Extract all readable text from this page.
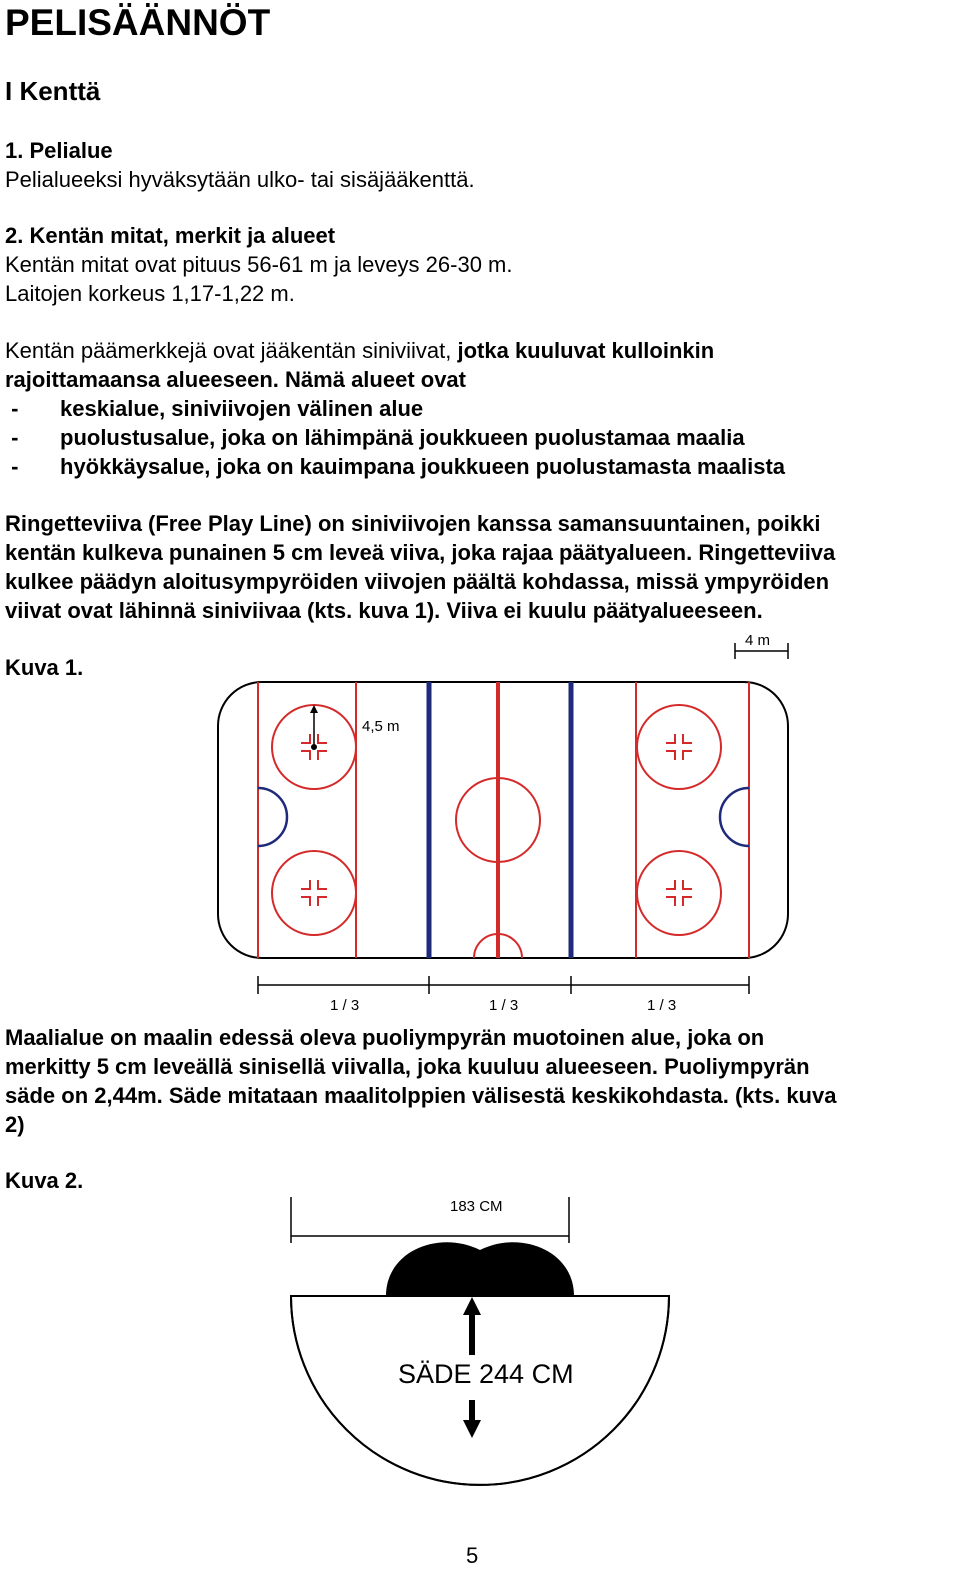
PELISÄÄNNÖT
I Kenttä
1. Pelialue
Pelialueeksi hyväksytään ulko- tai sisäjääkenttä.
2. Kentän mitat, merkit ja alueet
Kentän mitat ovat pituus 56-61 m ja leveys 26-30 m.
Laitojen korkeus 1,17-1,22 m.
Kentän päämerkkejä ovat jääkentän siniviivat, jotka kuuluvat kulloinkin
rajoittamaansa alueeseen. Nämä alueet ovat
- keskialue, siniviivojen välinen alue
- puolustusalue, joka on lähimpänä joukkueen puolustamaa maalia
- hyökkäysalue, joka on kauimpana joukkueen puolustamasta maalista
Ringetteviiva (Free Play Line) on siniviivojen kanssa samansuuntainen, poikki
kentän kulkeva punainen 5 cm leveä viiva, joka rajaa päätyalueen. Ringetteviiva
kulkee päädyn aloitusympyröiden viivojen päältä kohdassa, missä ympyröiden
viivat ovat lähinnä siniviivaa (kts. kuva 1). Viiva ei kuulu päätyalueeseen.
Kuva 1.
4 m
4,5 m
1 / 3	1 / 3	1 / 3
Maalialue on maalin edessä oleva puoliympyrän muotoinen alue, joka on
merkitty 5 cm leveällä sinisellä viivalla, joka kuuluu alueeseen. Puoliympyrän
säde on 2,44m. Säde mitataan maalitolppien välisestä keskikohdasta. (kts. kuva
2)
Kuva 2.
183 CM
SÄDE 244 CM
5
